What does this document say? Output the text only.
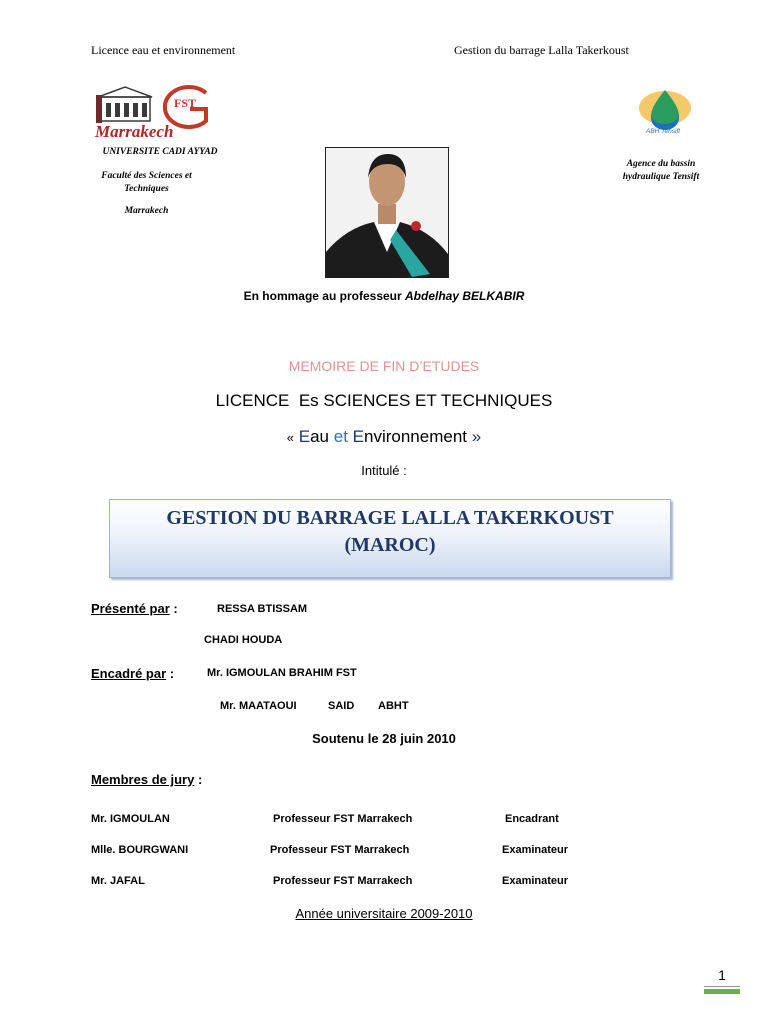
Licence eau et environnement	Gestion du barrage Lalla Takerkoust
FST
Marrakech	ABH Tensift
UNIVERSITE CADI AYYAD
Faculté des Sciences et Techniques
Marrakech
Agence du bassin hydraulique Tensift
En hommage au professeur Abdelhay BELKABIR
MEMOIRE DE FIN D’ETUDES
LICENCE Es SCIENCES ET TECHNIQUES
« Eau et Environnement »
Intitulé :
GESTION DU BARRAGE LALLA TAKERKOUST
(MAROC)
Présenté par :	RESSA BTISSAM
CHADI HOUDA
Encadré par :	Mr. IGMOULAN BRAHIM FST
Mr. MAATAOUI	SAID ABHT
Soutenu le 28 juin 2010
Membres de jury :
Mr. IGMOULAN	Professeur FST Marrakech	Encadrant
Mlle. BOURGWANI	Professeur FST Marrakech	Examinateur
Mr. JAFAL	Professeur FST Marrakech	Examinateur
Année universitaire 2009-2010
1
